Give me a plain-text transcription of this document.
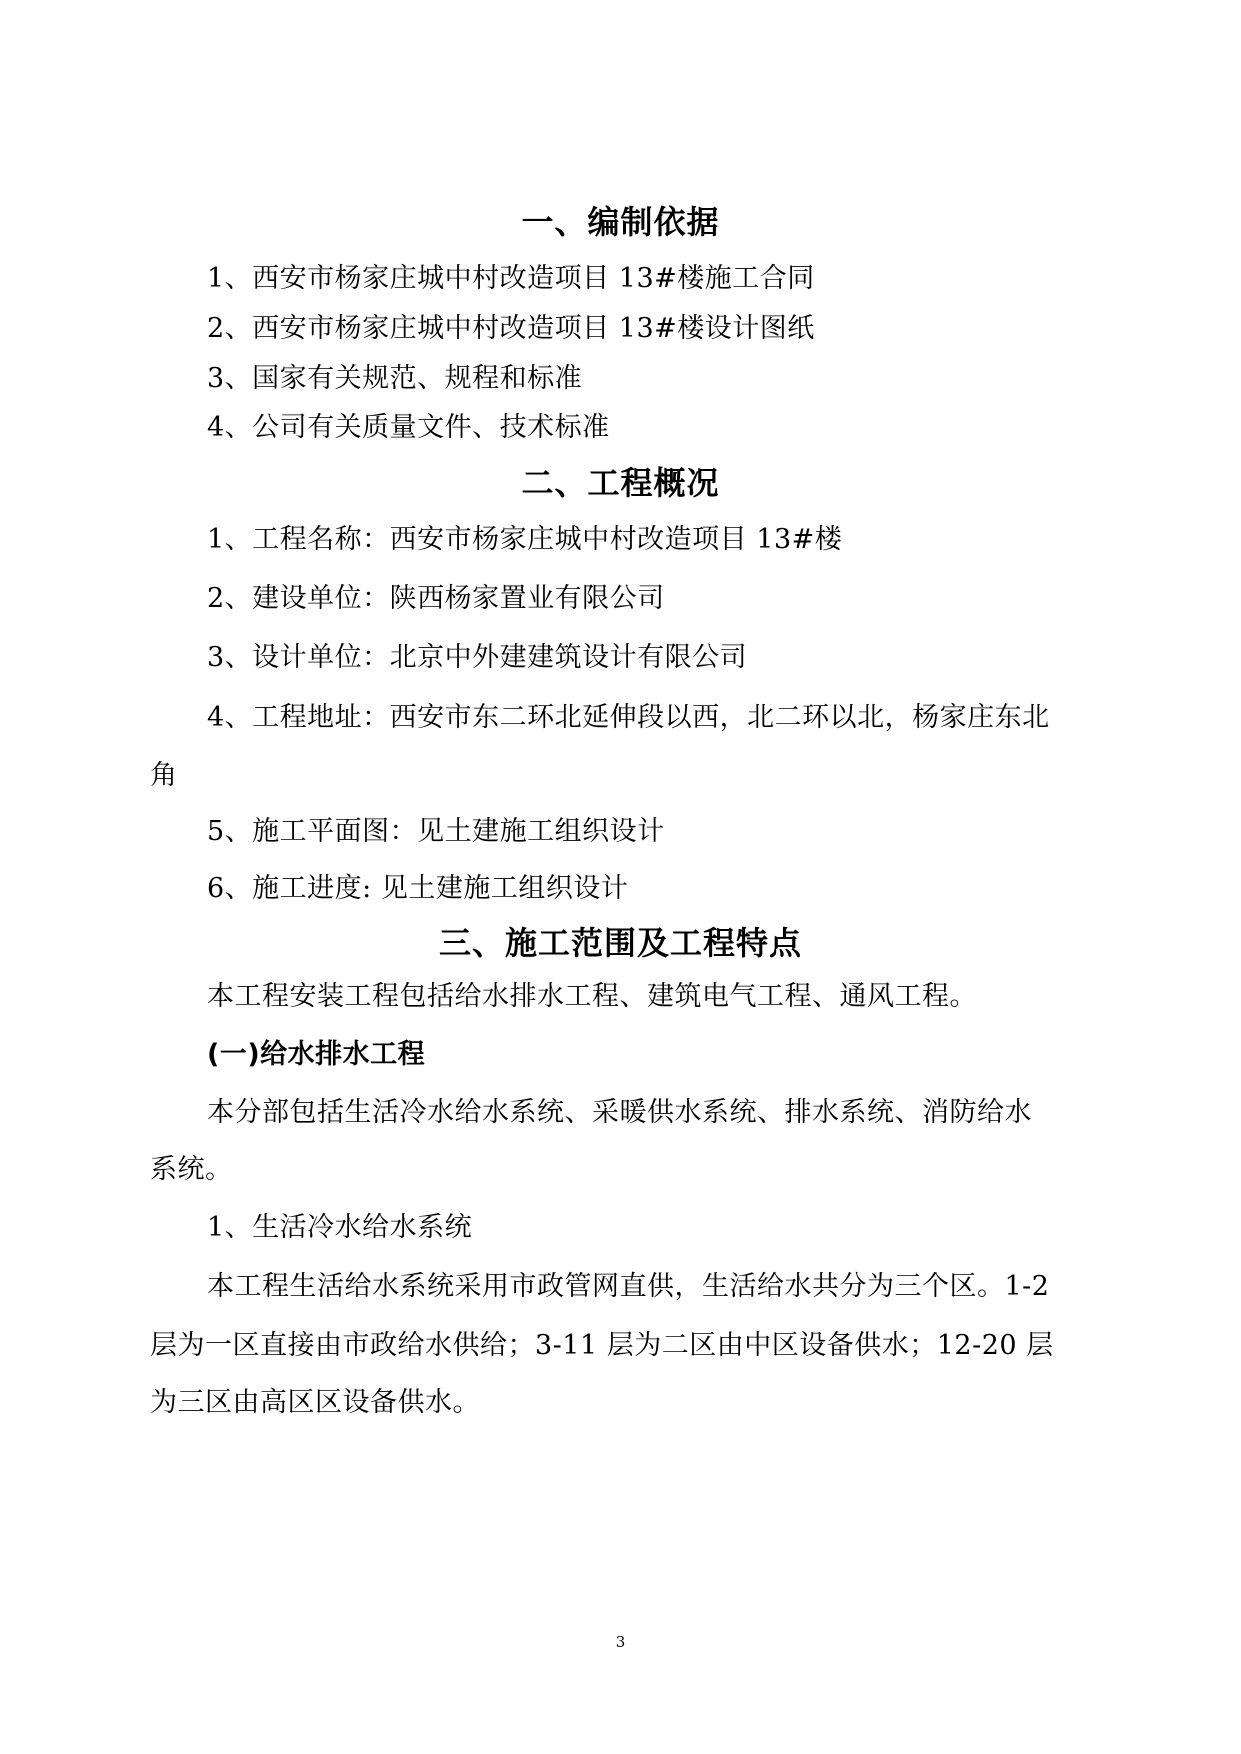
一、编制依据
1、西安市杨家庄城中村改造项目 13#楼施工合同
2、西安市杨家庄城中村改造项目 13#楼设计图纸
3、国家有关规范、规程和标准
4、公司有关质量文件、技术标准
二、工程概况
1、工程名称：西安市杨家庄城中村改造项目 13#楼
2、建设单位：陕西杨家置业有限公司
3、设计单位：北京中外建建筑设计有限公司
4、工程地址：西安市东二环北延伸段以西，北二环以北，杨家庄东北
角
5、施工平面图：见土建施工组织设计
6、施工进度: 见土建施工组织设计
三、施工范围及工程特点
本工程安装工程包括给水排水工程、建筑电气工程、通风工程。
(一)给水排水工程
本分部包括生活冷水给水系统、采暖供水系统、排水系统、消防给水
系统。
1、生活冷水给水系统
本工程生活给水系统采用市政管网直供，生活给水共分为三个区。1-2
层为一区直接由市政给水供给；3-11 层为二区由中区设备供水；12-20 层
为三区由高区区设备供水。
3
